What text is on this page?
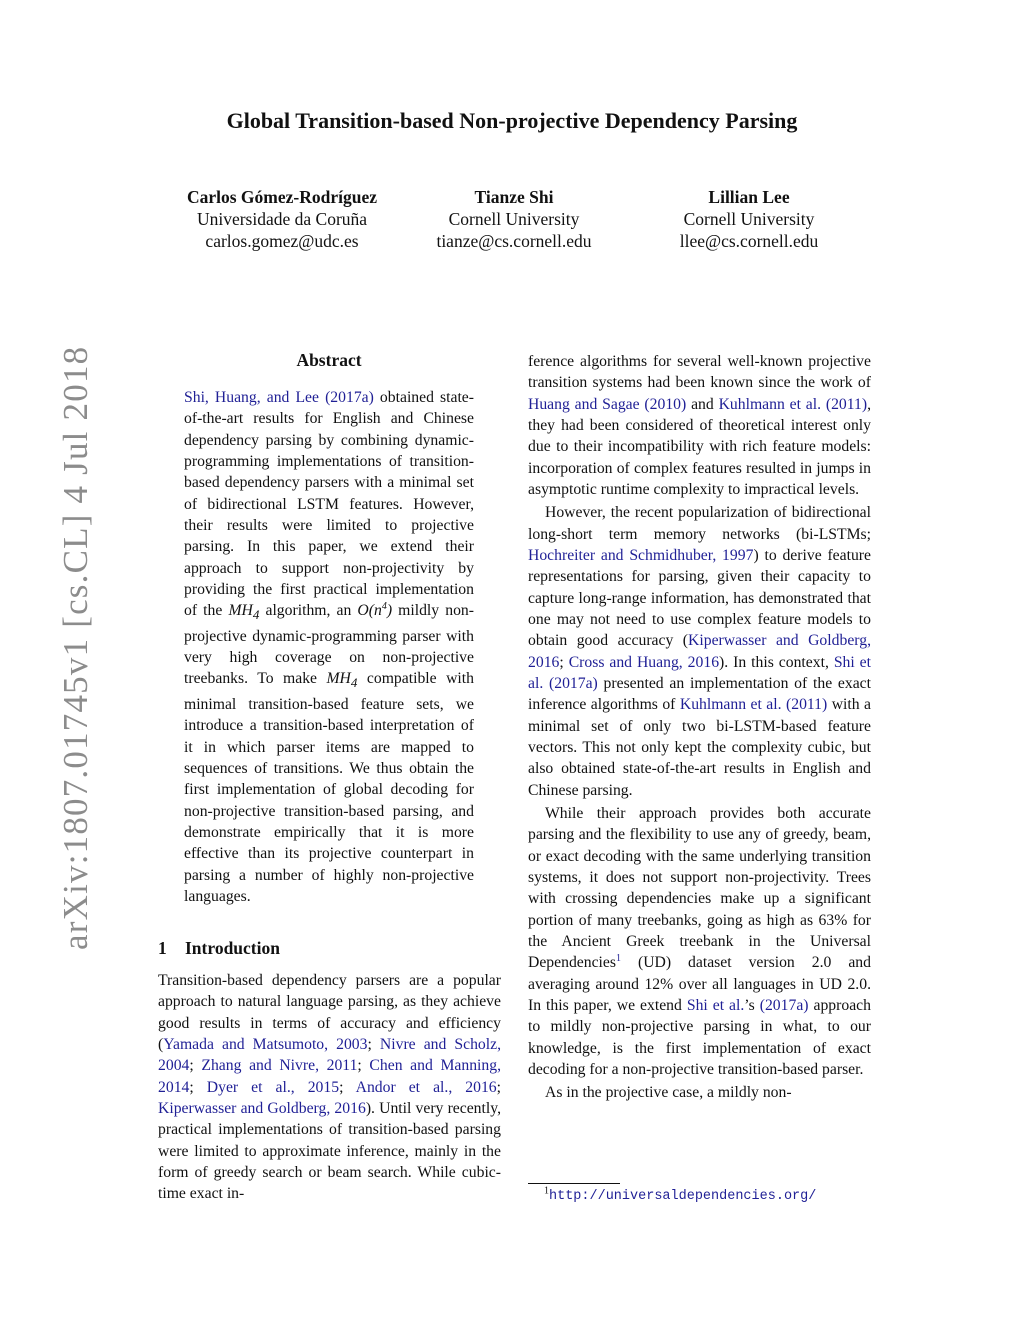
arXiv:1807.01745v1 [cs.CL] 4 Jul 2018
Global Transition-based Non-projective Dependency Parsing
Carlos Gómez-Rodríguez
Universidade da Coruña
carlos.gomez@udc.es
Tianze Shi
Cornell University
tianze@cs.cornell.edu
Lillian Lee
Cornell University
llee@cs.cornell.edu
Abstract
Shi, Huang, and Lee (2017a) obtained state-of-the-art results for English and Chinese dependency parsing by combining dynamic-programming implementations of transition-based dependency parsers with a minimal set of bidirectional LSTM features. However, their results were limited to projective parsing. In this paper, we extend their approach to support non-projectivity by providing the first practical implementation of the $MH_4$ algorithm, an $O(n^4)$ mildly non-projective dynamic-programming parser with very high coverage on non-projective treebanks. To make $MH_4$ compatible with minimal transition-based feature sets, we introduce a transition-based interpretation of it in which parser items are mapped to sequences of transitions. We thus obtain the first implementation of global decoding for non-projective transition-based parsing, and demonstrate empirically that it is more effective than its projective counterpart in parsing a number of highly non-projective languages.
1 Introduction
Transition-based dependency parsers are a popular approach to natural language parsing, as they achieve good results in terms of accuracy and efficiency (Yamada and Matsumoto, 2003; Nivre and Scholz, 2004; Zhang and Nivre, 2011; Chen and Manning, 2014; Dyer et al., 2015; Andor et al., 2016; Kiperwasser and Goldberg, 2016). Until very recently, practical implementations of transition-based parsing were limited to approximate inference, mainly in the form of greedy search or beam search. While cubic-time exact in-

ference algorithms for several well-known projective transition systems had been known since the work of Huang and Sagae (2010) and Kuhlmann et al. (2011), they had been considered of theoretical interest only due to their incompatibility with rich feature models: incorporation of complex features resulted in jumps in asymptotic runtime complexity to impractical levels.

However, the recent popularization of bidirectional long-short term memory networks (bi-LSTMs; Hochreiter and Schmidhuber, 1997) to derive feature representations for parsing, given their capacity to capture long-range information, has demonstrated that one may not need to use complex feature models to obtain good accuracy (Kiperwasser and Goldberg, 2016; Cross and Huang, 2016). In this context, Shi et al. (2017a) presented an implementation of the exact inference algorithms of Kuhlmann et al. (2011) with a minimal set of only two bi-LSTM-based feature vectors. This not only kept the complexity cubic, but also obtained state-of-the-art results in English and Chinese parsing.

While their approach provides both accurate parsing and the flexibility to use any of greedy, beam, or exact decoding with the same underlying transition systems, it does not support non-projectivity. Trees with crossing dependencies make up a significant portion of many treebanks, going as high as 63% for the Ancient Greek treebank in the Universal Dependencies$^1$ (UD) dataset version 2.0 and averaging around 12% over all languages in UD 2.0. In this paper, we extend Shi et al.’s (2017a) approach to mildly non-projective parsing in what, to our knowledge, is the first implementation of exact decoding for a non-projective transition-based parser.

As in the projective case, a mildly non-

$^1$http://universaldependencies.org/
